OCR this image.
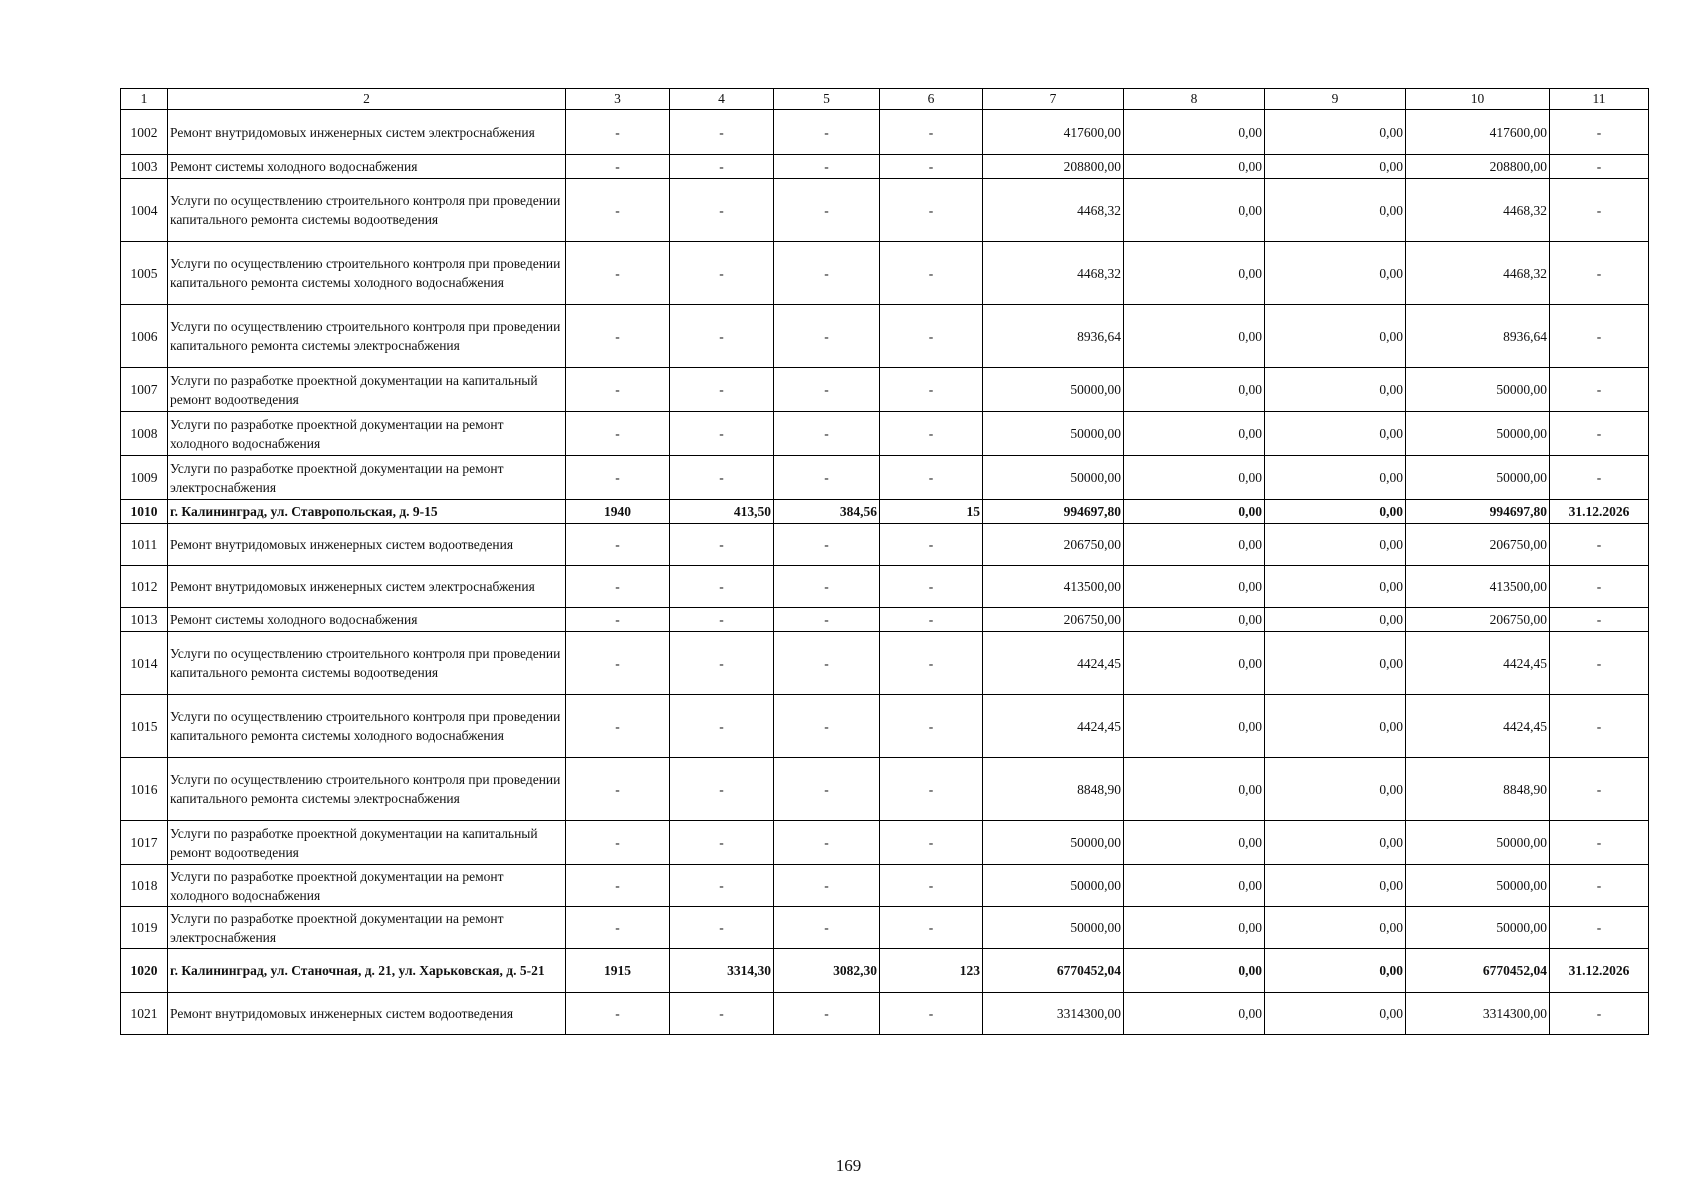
1	2	3	4	5	6	7	8	9	10	11
1002	Ремонт внутридомовых инженерных систем электроснабжения	-	-	-	-	417600,00	0,00	0,00	417600,00	-
1003	Ремонт системы холодного водоснабжения	-	-	-	-	208800,00	0,00	0,00	208800,00	-
1004	Услуги по осуществлению строительного контроля при проведении капитального ремонта системы водоотведения	-	-	-	-	4468,32	0,00	0,00	4468,32	-
1005	Услуги по осуществлению строительного контроля при проведении капитального ремонта системы холодного водоснабжения	-	-	-	-	4468,32	0,00	0,00	4468,32	-
1006	Услуги по осуществлению строительного контроля при проведении капитального ремонта системы электроснабжения	-	-	-	-	8936,64	0,00	0,00	8936,64	-
1007	Услуги по разработке проектной документации на капитальный ремонт водоотведения	-	-	-	-	50000,00	0,00	0,00	50000,00	-
1008	Услуги по разработке проектной документации на ремонт холодного водоснабжения	-	-	-	-	50000,00	0,00	0,00	50000,00	-
1009	Услуги по разработке проектной документации на ремонт электроснабжения	-	-	-	-	50000,00	0,00	0,00	50000,00	-
1010	г. Калининград, ул. Ставропольская, д. 9-15	1940	413,50	384,56	15	994697,80	0,00	0,00	994697,80	31.12.2026
1011	Ремонт внутридомовых инженерных систем водоотведения	-	-	-	-	206750,00	0,00	0,00	206750,00	-
1012	Ремонт внутридомовых инженерных систем электроснабжения	-	-	-	-	413500,00	0,00	0,00	413500,00	-
1013	Ремонт системы холодного водоснабжения	-	-	-	-	206750,00	0,00	0,00	206750,00	-
1014	Услуги по осуществлению строительного контроля при проведении капитального ремонта системы водоотведения	-	-	-	-	4424,45	0,00	0,00	4424,45	-
1015	Услуги по осуществлению строительного контроля при проведении капитального ремонта системы холодного водоснабжения	-	-	-	-	4424,45	0,00	0,00	4424,45	-
1016	Услуги по осуществлению строительного контроля при проведении капитального ремонта системы электроснабжения	-	-	-	-	8848,90	0,00	0,00	8848,90	-
1017	Услуги по разработке проектной документации на капитальный ремонт водоотведения	-	-	-	-	50000,00	0,00	0,00	50000,00	-
1018	Услуги по разработке проектной документации на ремонт холодного водоснабжения	-	-	-	-	50000,00	0,00	0,00	50000,00	-
1019	Услуги по разработке проектной документации на ремонт электроснабжения	-	-	-	-	50000,00	0,00	0,00	50000,00	-
1020	г. Калининград, ул. Станочная, д. 21, ул. Харьковская, д. 5-21	1915	3314,30	3082,30	123	6770452,04	0,00	0,00	6770452,04	31.12.2026
1021	Ремонт внутридомовых инженерных систем водоотведения	-	-	-	-	3314300,00	0,00	0,00	3314300,00	-
169
